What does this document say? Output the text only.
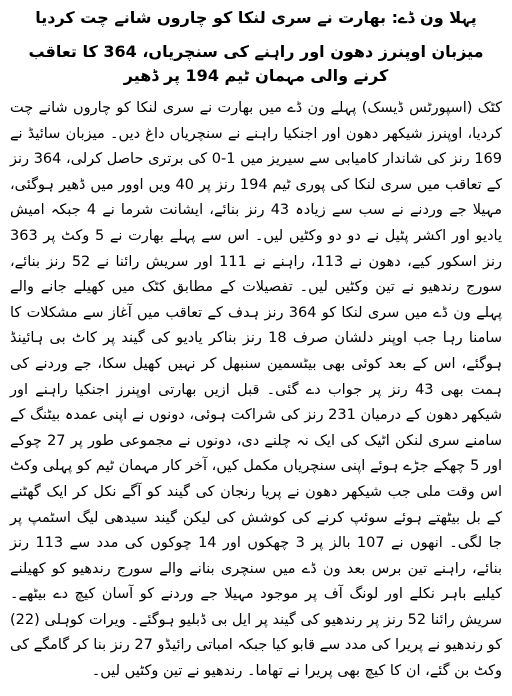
پہلا ون ڈے: بھارت نے سری لنکا کو چاروں شانے چت کردیا
میزبان اوپنرز دھون اور راہنے کی سنچریاں، 364 کا تعاقب کرنے والی مہمان ٹیم 194 پر ڈھیر

کٹک (اسپورٹس ڈیسک) پہلے ون ڈے میں بھارت نے سری لنکا کو چاروں شانے چت کردیا، اوپنرز شیکھر دھون اور اجنکیا راہنے نے سنچریاں داغ دیں۔ میزبان سائیڈ نے 169 رنز کی شاندار کامیابی سے سیریز میں 1-0 کی برتری حاصل کرلی، 364 رنز کے تعاقب میں سری لنکا کی پوری ٹیم 194 رنز پر 40 ویں اوور میں ڈھیر ہوگئی، مہیلا جے وردنے نے سب سے زیادہ 43 رنز بنائے، ایشانت شرما نے 4 جبکہ امیش یادیو اور اکشر پٹیل نے دو دو وکٹیں لیں۔ اس سے پہلے بھارت نے 5 وکٹ پر 363 رنز اسکور کیے، دھون نے 113، راہنے نے 111 اور سریش رائنا نے 52 رنز بنائے، سورج رندھیو نے تین وکٹیں لیں۔ تفصیلات کے مطابق کٹک میں کھیلے جانے والے پہلے ون ڈے میں سری لنکا کو 364 رنز ہدف کے تعاقب میں آغاز سے مشکلات کا سامنا رہا جب اوپنر دلشان صرف 18 رنز بناکر یادیو کی گیند پر کاٹ بی ہائینڈ ہوگئے، اس کے بعد کوئی بھی بیٹسمین سنبھل کر نہیں کھیل سکا، جے وردنے کی ہمت بھی 43 رنز پر جواب دے گئی۔ قبل ازیں بھارتی اوپنرز اجنکیا راہنے اور شیکھر دھون کے درمیان 231 رنز کی شراکت ہوئی، دونوں نے اپنی عمدہ بیٹنگ کے سامنے سری لنکن اٹیک کی ایک نہ چلنے دی، دونوں نے مجموعی طور پر 27 چوکے اور 5 چھکے جڑے ہوئے اپنی سنچریاں مکمل کیں، آخر کار مہمان ٹیم کو پہلی وکٹ اس وقت ملی جب شیکھر دھون نے پریا رنجان کی گیند کو آگے نکل کر ایک گھٹنے کے بل بیٹھتے ہوئے سوئپ کرنے کی کوشش کی لیکن گیند سیدھی لیگ اسٹمپ پر جا لگی۔ انھوں نے 107 بالز پر 3 چھکوں اور 14 چوکوں کی مدد سے 113 رنز بنائے، راہنے تین برس بعد ون ڈے میں سنچری بنانے والے سورج رندھیو کو کھیلنے کیلیے باہر نکلے اور لونگ آف پر موجود مہیلا جے وردنے کو آسان کیچ دے بیٹھے۔ سریش رائنا 52 رنز پر رندھیو کی گیند پر ایل بی ڈبلیو ہوگئے۔ ویرات کوہلی (22) کو رندھیو نے پریرا کی مدد سے قابو کیا جبکہ امباتی رائیڈو 27 رنز بنا کر گامگے کی وکٹ بن گئے، ان کا کیچ بھی پریرا نے تھاما۔ رندھیو نے تین وکٹیں لیں۔
